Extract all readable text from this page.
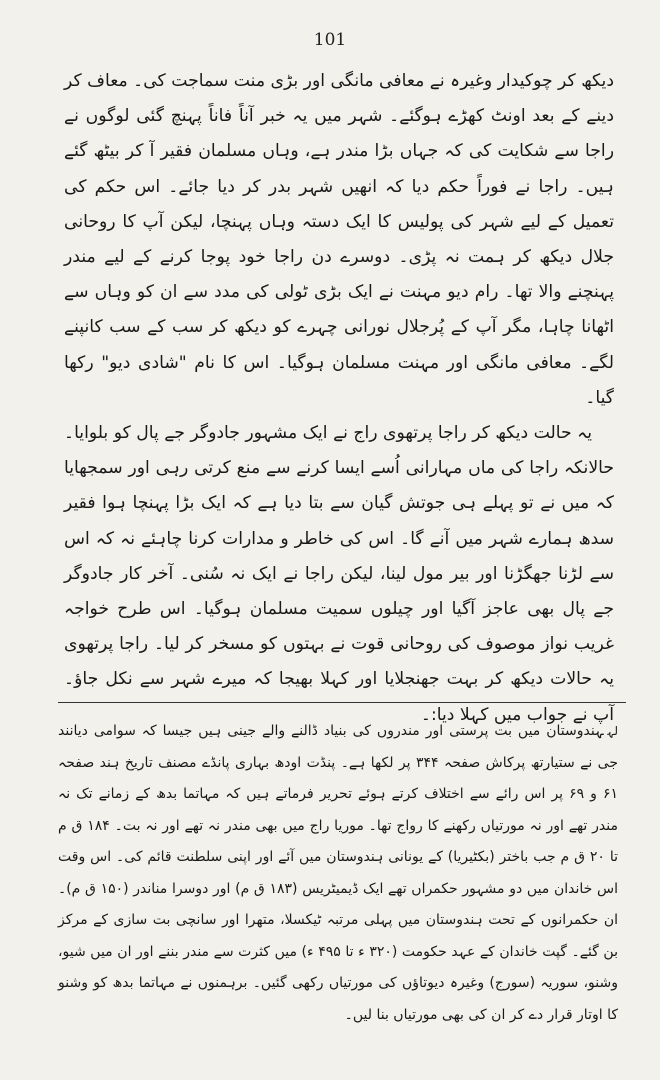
101

دیکھ کر چوکیدار وغیرہ نے معافی مانگی اور بڑی منت سماجت کی۔ معاف کر دینے کے بعد اونٹ کھڑے ہوگئے۔ شہر میں یہ خبر آناً فاناً پہنچ گئی لوگوں نے راجا سے شکایت کی کہ جہاں بڑا مندر ہے، وہاں مسلمان فقیر آ کر بیٹھ گئے ہیں۔ راجا نے فوراً حکم دیا کہ انھیں شہر بدر کر دیا جائے۔ اس حکم کی تعمیل کے لیے شہر کی پولیس کا ایک دستہ وہاں پہنچا، لیکن آپ کا روحانی جلال دیکھ کر ہمت نہ پڑی۔ دوسرے دن راجا خود پوجا کرنے کے لیے مندر پہنچنے والا تھا۔ رام دیو مہنت نے ایک بڑی ٹولی کی مدد سے ان کو وہاں سے اٹھانا چاہا، مگر آپ کے پُرجلال نورانی چہرے کو دیکھ کر سب کے سب کانپنے لگے۔ معافی مانگی اور مہنت مسلمان ہوگیا۔ اس کا نام "شادی دیو" رکھا گیا۔

یہ حالت دیکھ کر راجا پرتھوی راج نے ایک مشہور جادوگر جے پال کو بلوایا۔ حالانکہ راجا کی ماں مہارانی اُسے ایسا کرنے سے منع کرتی رہی اور سمجھایا کہ میں نے تو پہلے ہی جوتش گیان سے بتا دیا ہے کہ ایک بڑا پہنچا ہوا فقیر سدھ ہمارے شہر میں آنے گا۔ اس کی خاطر و مدارات کرنا چاہئے نہ کہ اس سے لڑنا جھگڑنا اور بیر مول لینا، لیکن راجا نے ایک نہ سُنی۔ آخر کار جادوگر جے پال بھی عاجز آگیا اور چیلوں سمیت مسلمان ہوگیا۔ اس طرح خواجہ غریب نواز موصوف کی روحانی قوت نے بہتوں کو مسخر کر لیا۔ راجا پرتھوی یہ حالات دیکھ کر بہت جھنجلایا اور کہلا بھیجا کہ میرے شہر سے نکل جاؤ۔ آپ نے جواب میں کہلا دیا:۔

لہہندوستان میں بت پرستی اور مندروں کی بنیاد ڈالنے والے جینی ہیں جیسا کہ سوامی دیانند جی نے ستیارتھ پرکاش صفحہ ۳۴۴ پر لکھا ہے۔ پنڈت اودھ بہاری پانڈے مصنف تاریخ ہند صفحہ ۶۱ و ۶۹ پر اس رائے سے اختلاف کرتے ہوئے تحریر فرماتے ہیں کہ مہاتما بدھ کے زمانے تک نہ مندر تھے اور نہ مورتیاں رکھنے کا رواج تھا۔ موریا راج میں بھی مندر نہ تھے اور نہ بت۔ ۱۸۴ ق م تا ۲۰ ق م جب باختر (بکٹیریا) کے یونانی ہندوستان میں آئے اور اپنی سلطنت قائم کی۔ اس وقت اس خاندان میں دو مشہور حکمراں تھے ایک ڈیمیٹریس (۱۸۳ ق م) اور دوسرا مناندر (۱۵۰ ق م)۔ ان حکمرانوں کے تحت ہندوستان میں پہلی مرتبہ ٹیکسلا، متھرا اور سانچی بت سازی کے مرکز بن گئے۔ گپت خاندان کے عہد حکومت (۳۲۰ ء تا ۴۹۵ ء) میں کثرت سے مندر بننے اور ان میں شیو، وشنو، سوریہ (سورج) وغیرہ دیوتاؤں کی مورتیاں رکھی گئیں۔ برہمنوں نے مہاتما بدھ کو وشنو کا اوتار قرار دے کر ان کی بھی مورتیاں بنا لیں۔
